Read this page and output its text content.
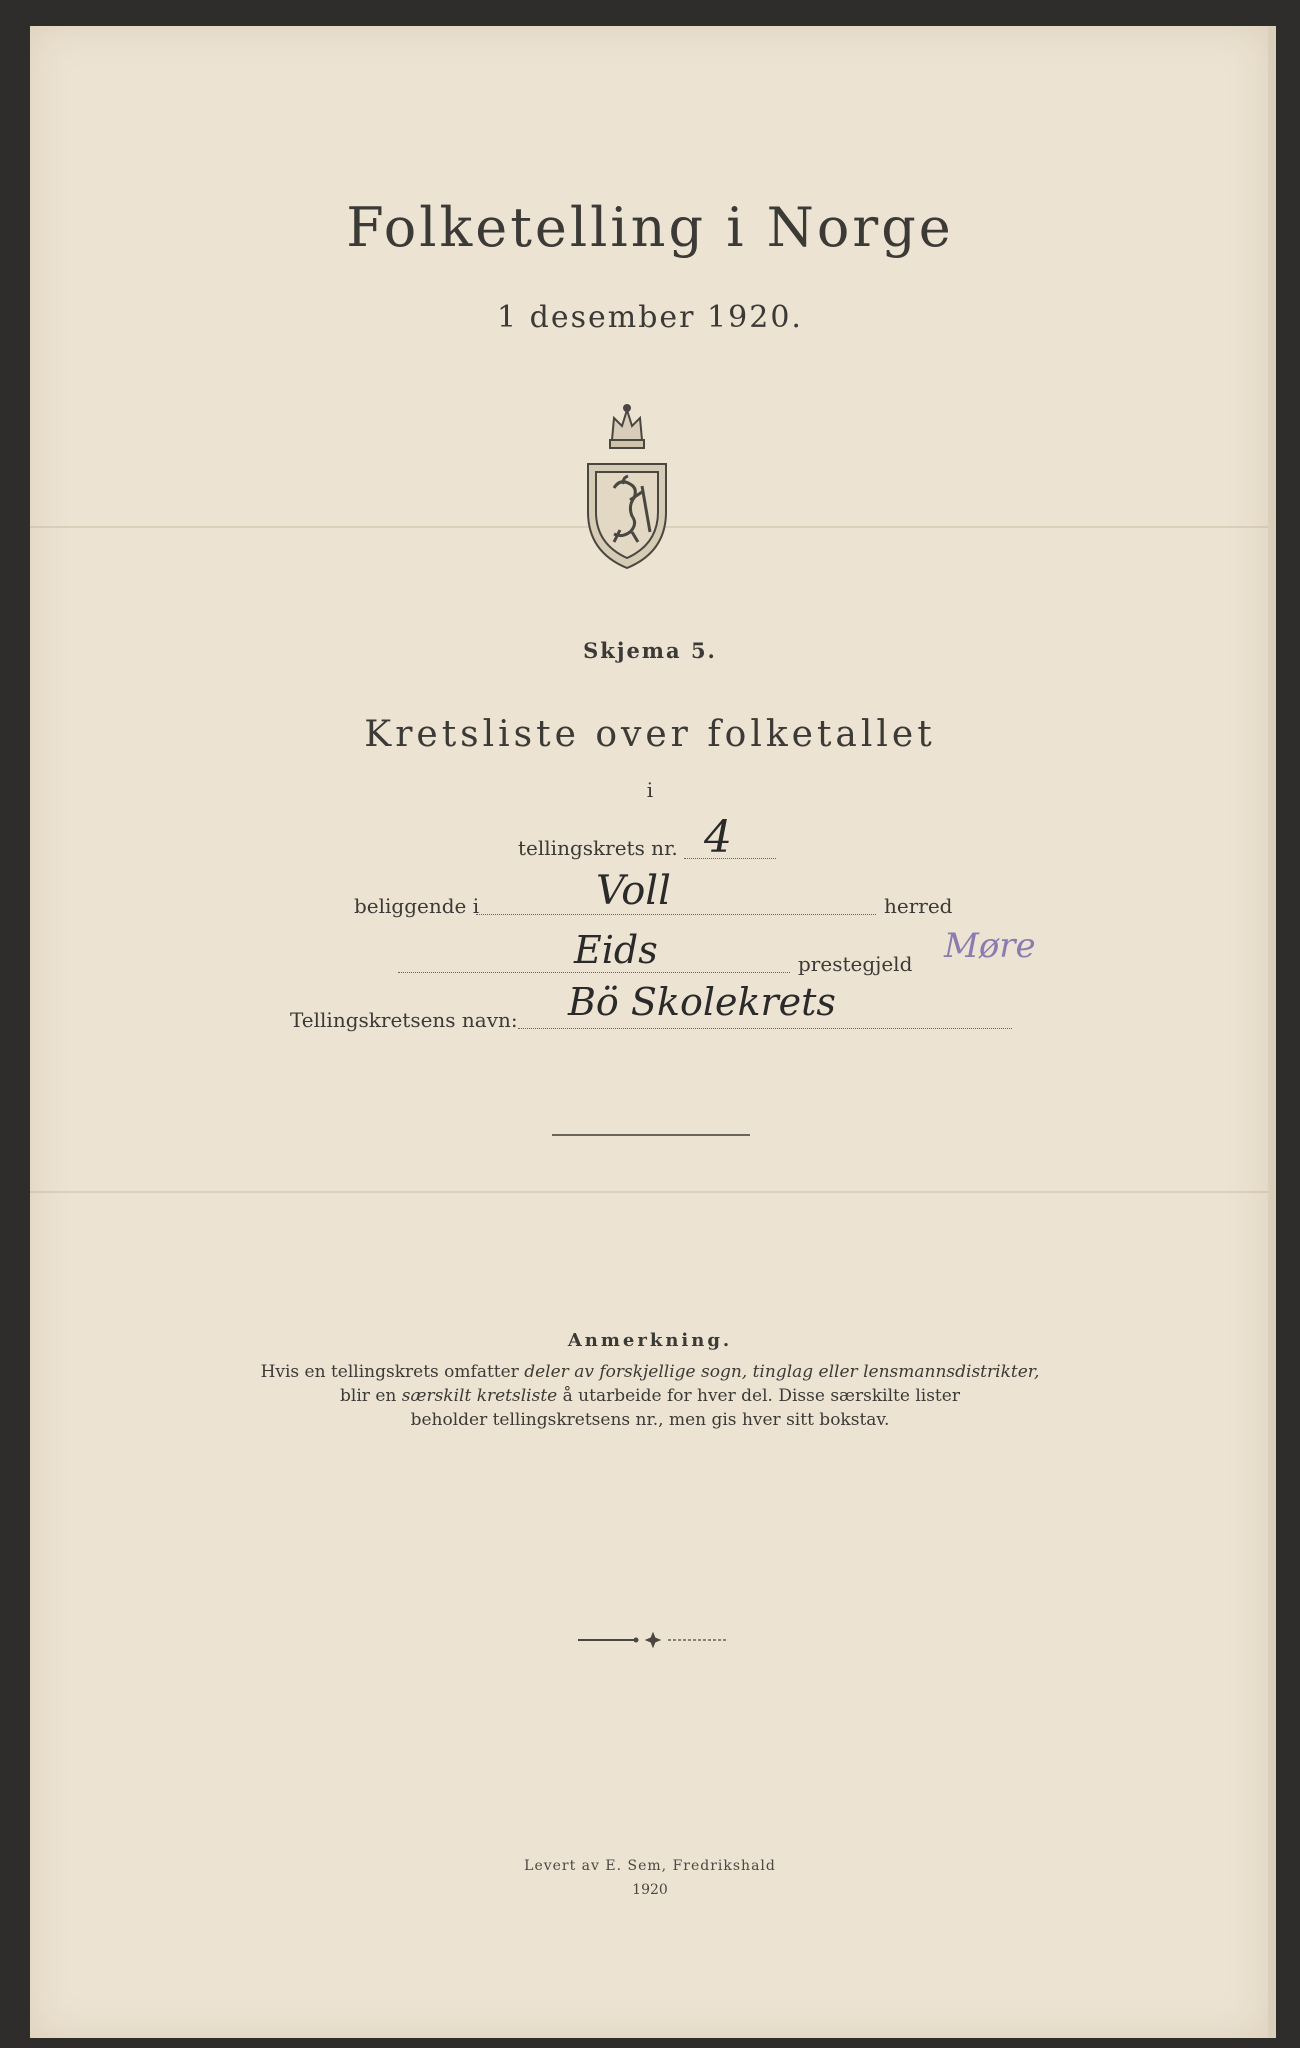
Folketelling i Norge
1 desember 1920.
Skjema 5.
Kretsliste over folketallet
i
tellingskrets nr. 4
beliggende i	Voll	herred
Eids	prestegjeld Møre
Tellingskretsens navn: Bö Skolekrets
Anmerkning.
Hvis en tellingskrets omfatter deler av forskjellige sogn, tinglag eller lensmannsdistrikter,
blir en særskilt kretsliste å utarbeide for hver del. Disse særskilte lister
beholder tellingskretsens nr., men gis hver sitt bokstav.
Levert av E. Sem, Fredrikshald
1920
